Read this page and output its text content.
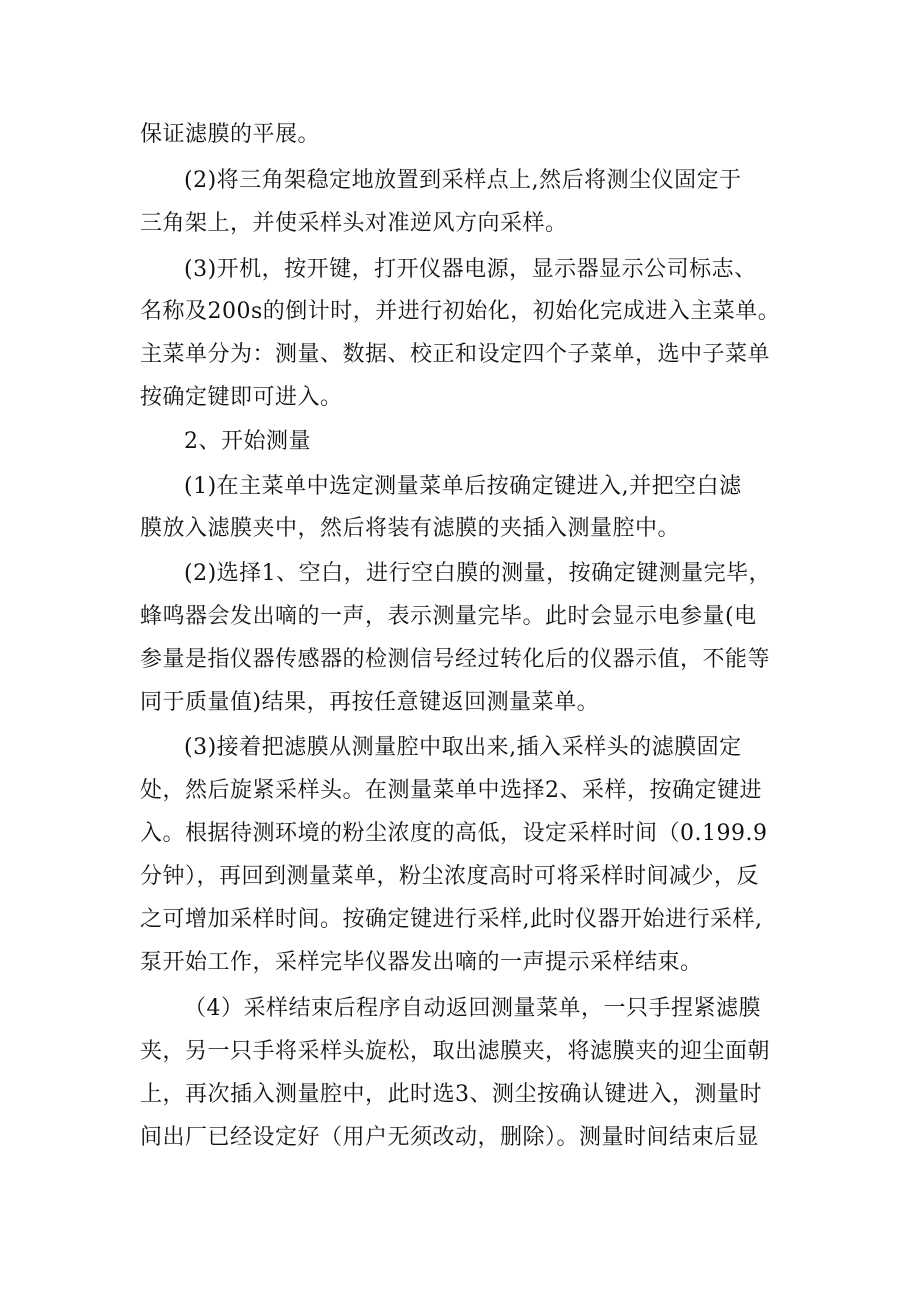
保证滤膜的平展。
(2)将三角架稳定地放置到采样点上,然后将测尘仪固定于
三角架上，并使采样头对准逆风方向采样。
(3)开机，按开键，打开仪器电源，显示器显示公司标志、
名称及200s的倒计时，并进行初始化，初始化完成进入主菜单。
主菜单分为：测量、数据、校正和设定四个子菜单，选中子菜单
按确定键即可进入。
2、开始测量
(1)在主菜单中选定测量菜单后按确定键进入,并把空白滤
膜放入滤膜夹中，然后将装有滤膜的夹插入测量腔中。
(2)选择1、空白，进行空白膜的测量，按确定键测量完毕，
蜂鸣器会发出嘀的一声，表示测量完毕。此时会显示电参量(电
参量是指仪器传感器的检测信号经过转化后的仪器示值，不能等
同于质量值)结果，再按任意键返回测量菜单。
(3)接着把滤膜从测量腔中取出来,插入采样头的滤膜固定
处，然后旋紧采样头。在测量菜单中选择2、采样，按确定键进
入。根据待测环境的粉尘浓度的高低，设定采样时间（0.199.9
分钟），再回到测量菜单，粉尘浓度高时可将采样时间减少，反
之可增加采样时间。按确定键进行采样,此时仪器开始进行采样,
泵开始工作，采样完毕仪器发出嘀的一声提示采样结束。
（4）采样结束后程序自动返回测量菜单，一只手捏紧滤膜
夹，另一只手将采样头旋松，取出滤膜夹，将滤膜夹的迎尘面朝
上，再次插入测量腔中，此时选3、测尘按确认键进入，测量时
间出厂已经设定好（用户无须改动，删除）。测量时间结束后显
